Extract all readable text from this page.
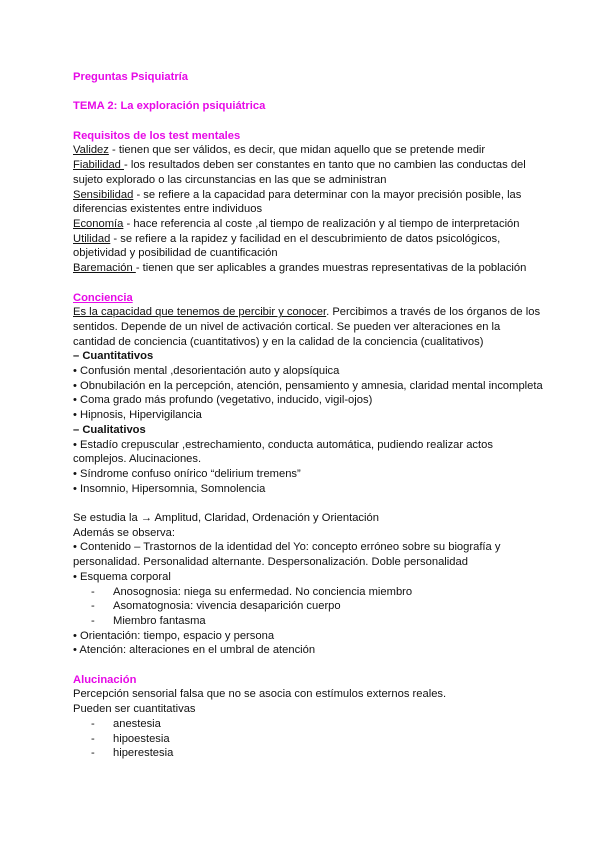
Preguntas Psiquiatría

TEMA 2: La exploración psiquiátrica

Requisitos de los test mentales

Validez - tienen que ser válidos, es decir, que midan aquello que se pretende medir

Fiabilidad - los resultados deben ser constantes en tanto que no cambien las conductas del sujeto explorado o las circunstancias en las que se administran

Sensibilidad - se refiere a la capacidad para determinar con la mayor precisión posible, las diferencias existentes entre individuos

Economía - hace referencia al coste ,al tiempo de realización y al tiempo de interpretación

Utilidad - se refiere a la rapidez y facilidad en el descubrimiento de datos psicológicos, objetividad y posibilidad de cuantificación

Baremación - tienen que ser aplicables a grandes muestras representativas de la población

Conciencia

Es la capacidad que tenemos de percibir y conocer. Percibimos a través de los órganos de los sentidos. Depende de un nivel de activación cortical. Se pueden ver alteraciones en la cantidad de conciencia (cuantitativos) y en la calidad de la conciencia (cualitativos)

– Cuantitativos

• Confusión mental ,desorientación auto y alopsíquica

• Obnubilación en la percepción, atención, pensamiento y amnesia, claridad mental incompleta

• Coma grado más profundo (vegetativo, inducido, vigil-ojos)

• Hipnosis, Hipervigilancia

– Cualitativos

• Estadío crepuscular ,estrechamiento, conducta automática, pudiendo realizar actos complejos. Alucinaciones.

• Síndrome confuso onírico “delirium tremens”

• Insomnio, Hipersomnia, Somnolencia

Se estudia la → Amplitud, Claridad, Ordenación y Orientación

Además se observa:

• Contenido – Trastornos de la identidad del Yo: concepto erróneo sobre su biografía y personalidad. Personalidad alternante. Despersonalización. Doble personalidad

• Esquema corporal

- Anosognosia: niega su enfermedad. No conciencia miembro

- Asomatognosia: vivencia desaparición cuerpo

- Miembro fantasma

• Orientación: tiempo, espacio y persona

• Atención: alteraciones en el umbral de atención

Alucinación

Percepción sensorial falsa que no se asocia con estímulos externos reales.

Pueden ser cuantitativas

- anestesia

- hipoestesia

- hiperestesia
